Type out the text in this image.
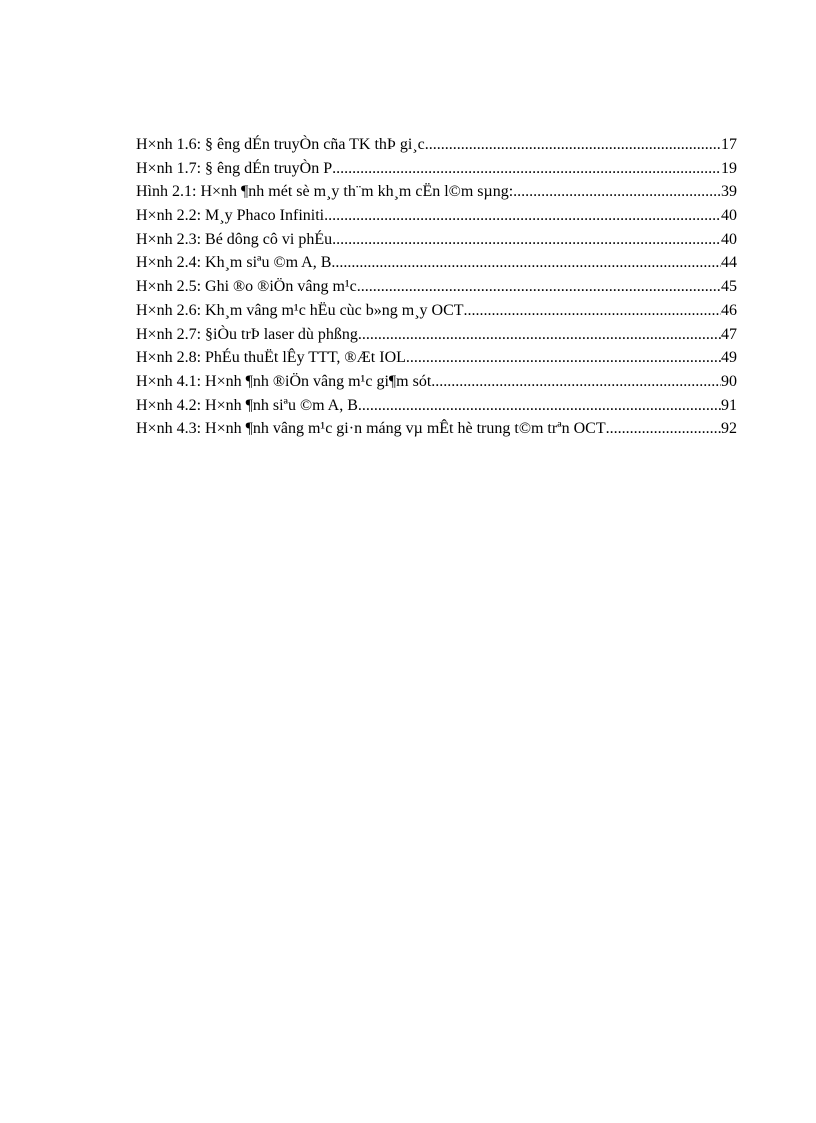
H×nh 1.6: § êng dÉn truyÒn cña TK thÞ gi¸c .....	17
H×nh 1.7: § êng dÉn truyÒn P .....	19
Hình 2.1: H×nh ¶nh mét sè m¸y th¨m kh¸m cËn l©m sµng: .....	39
H×nh 2.2: M¸y Phaco Infiniti .....	40
H×nh 2.3: Bé dông cô vi phÉu .....	40
H×nh 2.4: Kh¸m siªu ©m A, B .....	44
H×nh 2.5: Ghi ®o ®iÖn vâng m¹c .....	45
H×nh 2.6: Kh¸m vâng m¹c hËu cùc b»ng m¸y OCT .....	46
H×nh 2.7: §iÒu trÞ laser dù phßng .....	47
H×nh 2.8: PhÉu thuËt lÊy TTT, ®Æt IOL .....	49
H×nh 4.1: H×nh ¶nh ®iÖn vâng m¹c gi¶m sót .....	90
H×nh 4.2: H×nh ¶nh siªu ©m A, B .....	91
H×nh 4.3: H×nh ¶nh vâng m¹c gi·n máng vµ mÊt hè trung t©m trªn OCT .....	92
